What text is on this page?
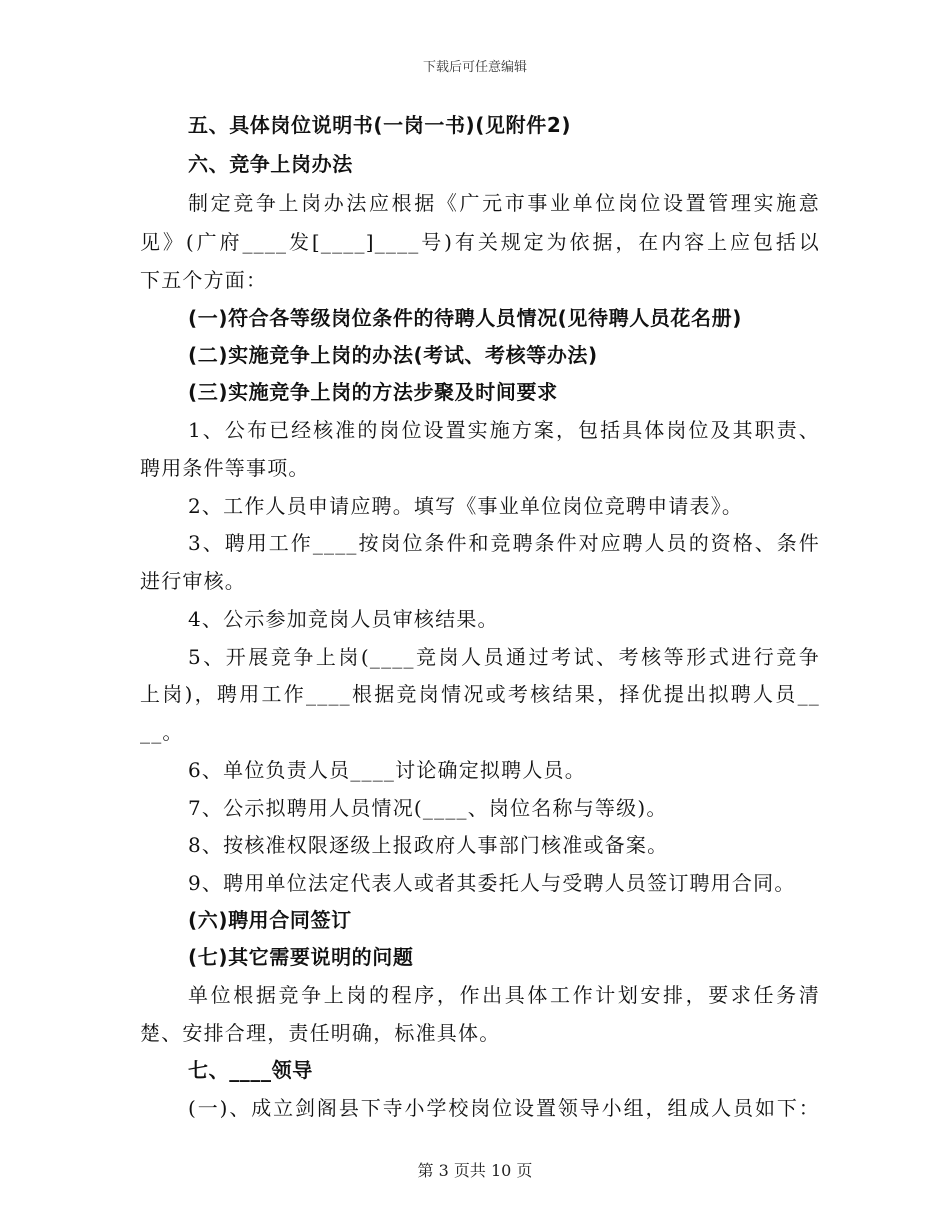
下载后可任意编辑
五、具体岗位说明书(一岗一书)(见附件2)
六、竞争上岗办法
制定竞争上岗办法应根据《广元市事业单位岗位设置管理实施意
见》(广府____发[____]____号)有关规定为依据，在内容上应包括以
下五个方面：
(一)符合各等级岗位条件的待聘人员情况(见待聘人员花名册)
(二)实施竞争上岗的办法(考试、考核等办法)
(三)实施竞争上岗的方法步聚及时间要求
1、公布已经核准的岗位设置实施方案，包括具体岗位及其职责、
聘用条件等事项。
2、工作人员申请应聘。填写《事业单位岗位竞聘申请表》。
3、聘用工作____按岗位条件和竞聘条件对应聘人员的资格、条件
进行审核。
4、公示参加竞岗人员审核结果。
5、开展竞争上岗(____竞岗人员通过考试、考核等形式进行竞争
上岗)，聘用工作____根据竞岗情况或考核结果，择优提出拟聘人员__
__。
6、单位负责人员____讨论确定拟聘人员。
7、公示拟聘用人员情况(____、岗位名称与等级)。
8、按核准权限逐级上报政府人事部门核准或备案。
9、聘用单位法定代表人或者其委托人与受聘人员签订聘用合同。
(六)聘用合同签订
(七)其它需要说明的问题
单位根据竞争上岗的程序，作出具体工作计划安排，要求任务清
楚、安排合理，责任明确，标准具体。
七、____领导
(一)、成立剑阁县下寺小学校岗位设置领导小组，组成人员如下：
第 3 页共 10 页
